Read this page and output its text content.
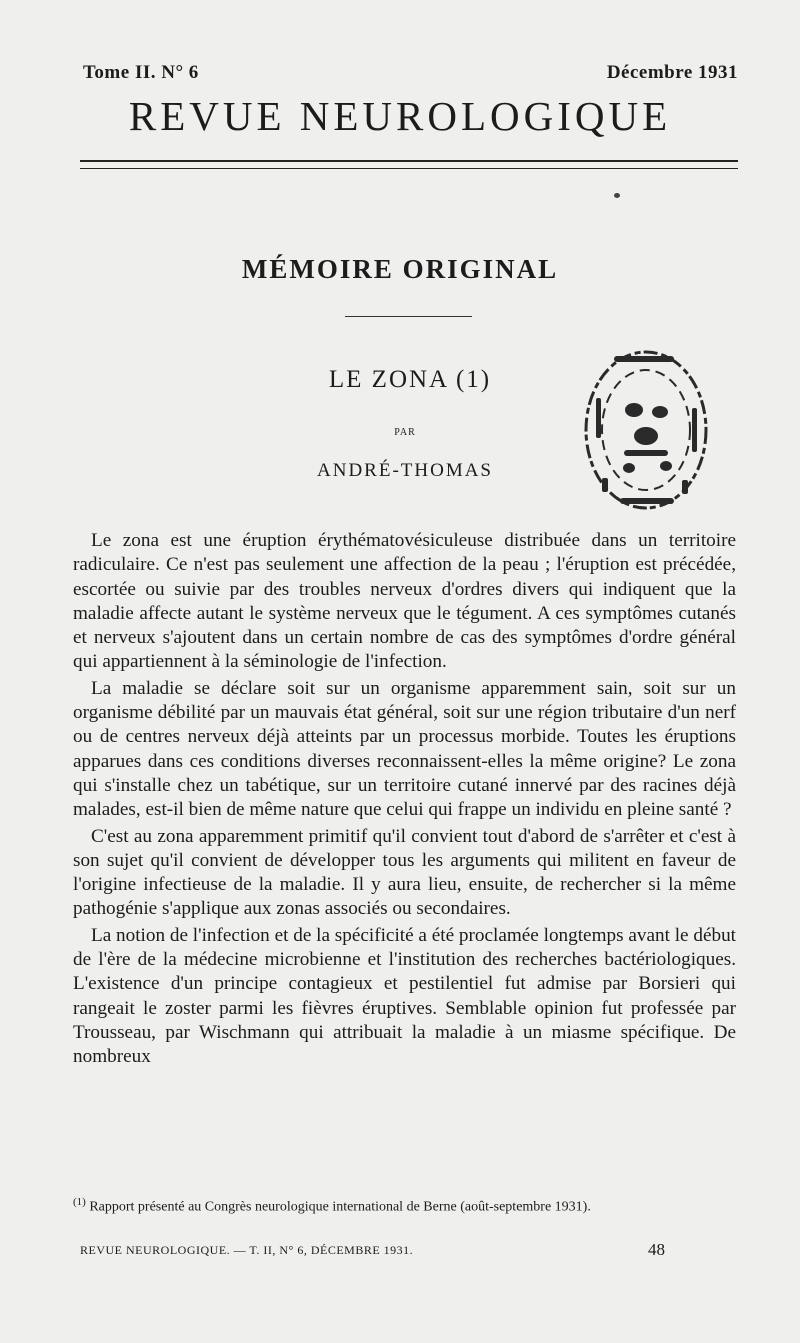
Tome II. N° 6	Décembre 1931
REVUE NEUROLOGIQUE
MÉMOIRE ORIGINAL
LE ZONA (1)
PAR
ANDRÉ-THOMAS

Le zona est une éruption érythématovésiculeuse distribuée dans un territoire radiculaire. Ce n'est pas seulement une affection de la peau ; l'éruption est précédée, escortée ou suivie par des troubles nerveux d'ordres divers qui indiquent que la maladie affecte autant le système nerveux que le tégument. A ces symptômes cutanés et nerveux s'ajoutent dans un certain nombre de cas des symptômes d'ordre général qui appartiennent à la séminologie de l'infection.

La maladie se déclare soit sur un organisme apparemment sain, soit sur un organisme débilité par un mauvais état général, soit sur une région tributaire d'un nerf ou de centres nerveux déjà atteints par un processus morbide. Toutes les éruptions apparues dans ces conditions diverses reconnaissent-elles la même origine? Le zona qui s'installe chez un tabétique, sur un territoire cutané innervé par des racines déjà malades, est-il bien de même nature que celui qui frappe un individu en pleine santé ?

C'est au zona apparemment primitif qu'il convient tout d'abord de s'arrêter et c'est à son sujet qu'il convient de développer tous les arguments qui militent en faveur de l'origine infectieuse de la maladie. Il y aura lieu, ensuite, de rechercher si la même pathogénie s'applique aux zonas associés ou secondaires.

La notion de l'infection et de la spécificité a été proclamée longtemps avant le début de l'ère de la médecine microbienne et l'institution des recherches bactériologiques. L'existence d'un principe contagieux et pestilentiel fut admise par Borsieri qui rangeait le zoster parmi les fièvres éruptives. Semblable opinion fut professée par Trousseau, par Wischmann qui attribuait la maladie à un miasme spécifique. De nombreux

$^{(1)}$ Rapport présenté au Congrès neurologique international de Berne (août-septembre 1931).
REVUE NEUROLOGIQUE. — T. II, N° 6, DÉCEMBRE 1931.	48
